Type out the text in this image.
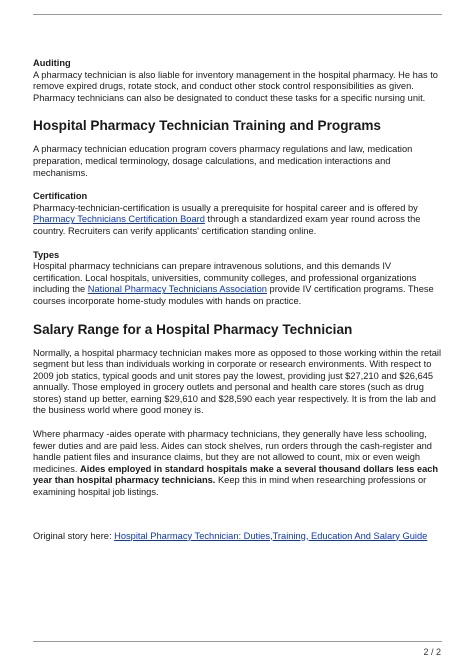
Auditing

A pharmacy technician is also liable for inventory management in the hospital pharmacy. He has to remove expired drugs, rotate stock, and conduct other stock control responsibilities as given. Pharmacy technicians can also be designated to conduct these tasks for a specific nursing unit.

Hospital Pharmacy Technician Training and Programs

A pharmacy technician education program covers pharmacy regulations and law, medication preparation, medical terminology, dosage calculations, and medication interactions and mechanisms.

Certification

Pharmacy-technician-certification is usually a prerequisite for hospital career and is offered by Pharmacy Technicians Certification Board through a standardized exam year round across the country. Recruiters can verify applicants' certification standing online.

Types

Hospital pharmacy technicians can prepare intravenous solutions, and this demands IV certification. Local hospitals, universities, community colleges, and professional organizations including the National Pharmacy Technicians Association provide IV certification programs. These courses incorporate home-study modules with hands on practice.

Salary Range for a Hospital Pharmacy Technician

Normally, a hospital pharmacy technician makes more as opposed to those working within the retail segment but less than individuals working in corporate or research environments. With respect to 2009 job statics, typical goods and unit stores pay the lowest, providing just $27,210 and $26,645 annually. Those employed in grocery outlets and personal and health care stores (such as drug stores) stand up better, earning $29,610 and $28,590 each year respectively. It is from the lab and the business world where good money is.

Where pharmacy -aides operate with pharmacy technicians, they generally have less schooling, fewer duties and are paid less. Aides can stock shelves, run orders through the cash-register and handle patient files and insurance claims, but they are not allowed to count, mix or even weigh medicines. Aides employed in standard hospitals make a several thousand dollars less each year than hospital pharmacy technicians. Keep this in mind when researching professions or examining hospital job listings.

Original story here: Hospital Pharmacy Technician: Duties,Training, Education And Salary Guide

2 / 2
